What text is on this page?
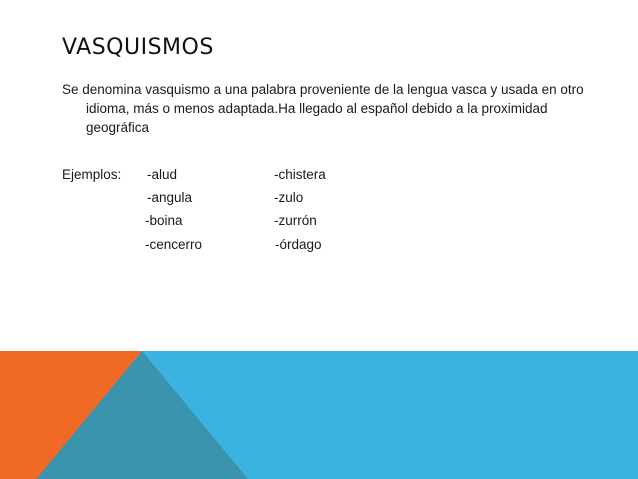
VASQUISMOS

Se denomina vasquismo a una palabra proveniente de la lengua vasca y usada en otro idioma, más o menos adaptada.Ha llegado al español debido a la proximidad geográfica

Ejemplos: -alud	-chistera
-angula	-zulo
-boina	-zurrón
-cencerro	-órdago
